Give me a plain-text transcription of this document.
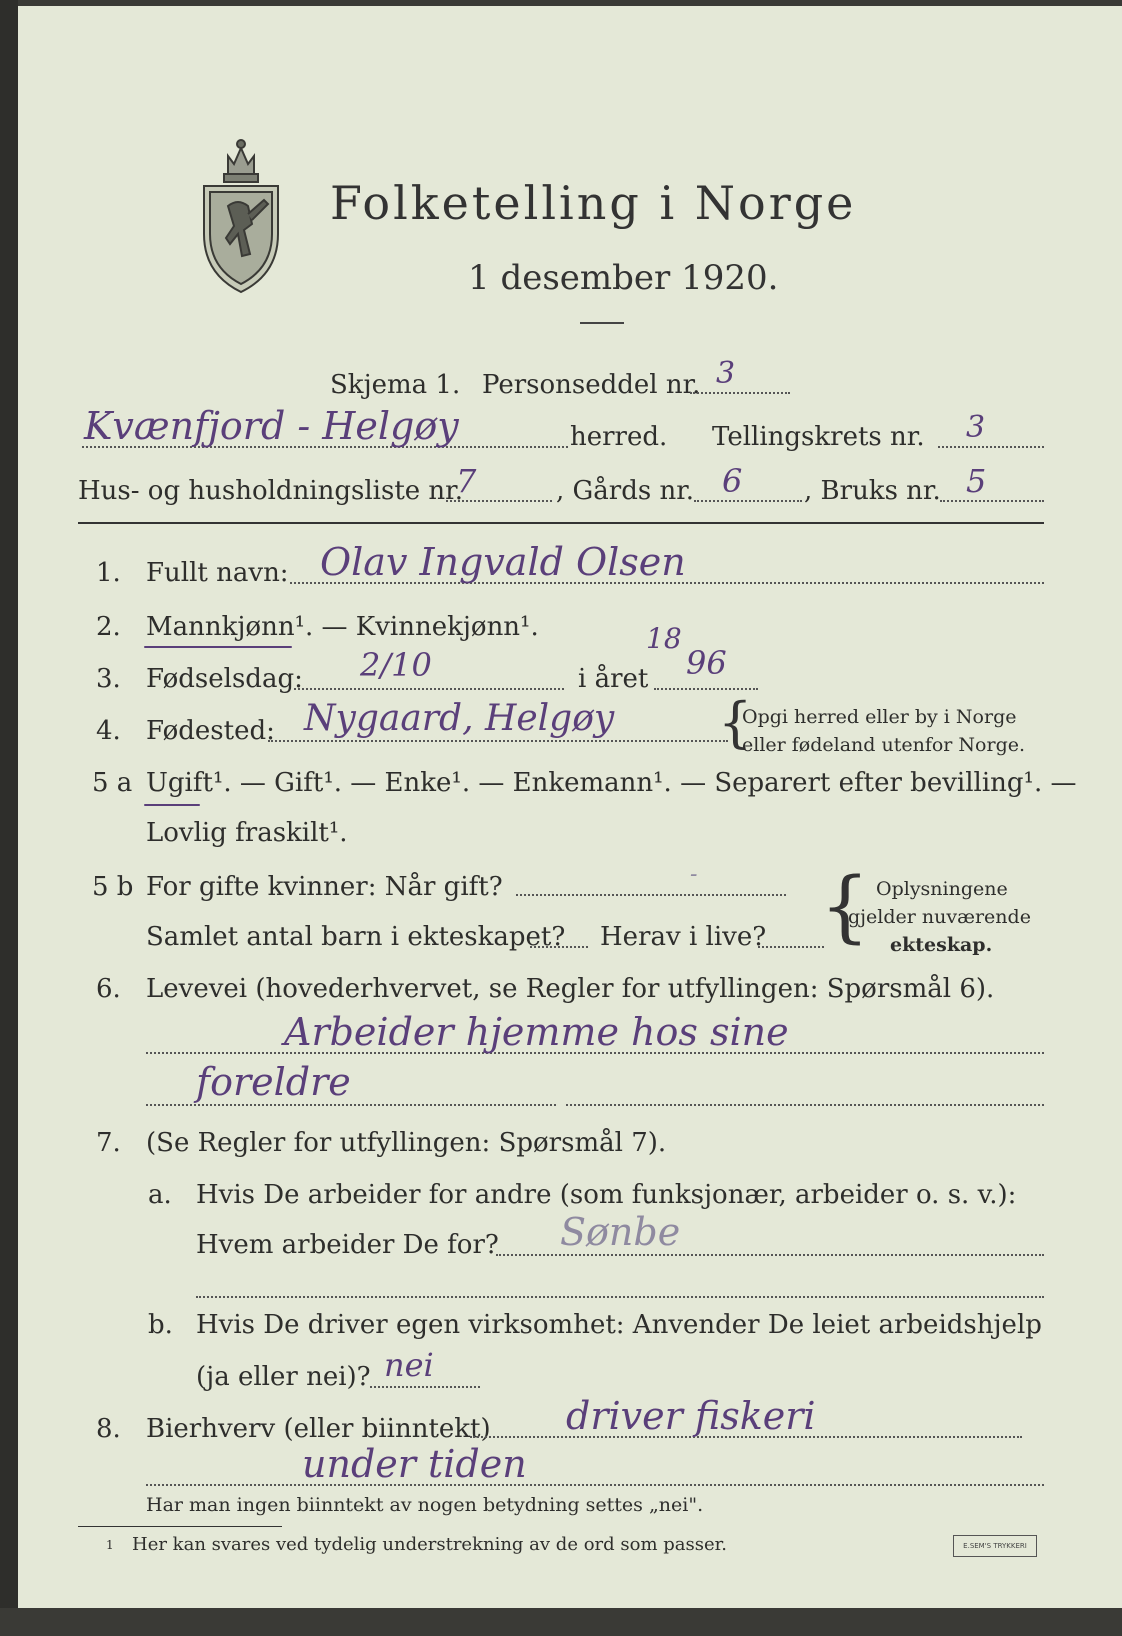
Folketelling i Norge
1 desember 1920.
Skjema 1. Personseddel nr. 3
Kvænfjord - Helgøy	herred. Tellingskrets nr. 3
Hus- og husholdningsliste nr.
7	, Gårds nr. 6 , Bruks nr. 5
1. Fullt navn: Olav Ingvald Olsen
2. Mannkjønn¹. — Kvinnekjønn¹.
3. Fødselsdag: 2/10	i året
18
96
4. Fødested: Nygaard, Helgøy {
Opgi herred eller by i Norge
eller fødeland utenfor Norge.
5 a Ugift¹. — Gift¹. — Enke¹. — Enkemann¹. — Separert efter bevilling¹. —
Lovlig fraskilt¹.
5 b For gifte kvinner: Når gift?	-
Samlet antal barn i ekteskapet? Herav i live? { Oplysningene
gjelder nuværende
ekteskap.
6. Levevei (hovederhvervet, se Regler for utfyllingen: Spørsmål 6).
Arbeider hjemme hos sine
foreldre
7. (Se Regler for utfyllingen: Spørsmål 7).
a. Hvis De arbeider for andre (som funksjonær, arbeider o. s. v.):
Hvem arbeider De for? Sønbe
b. Hvis De driver egen virksomhet: Anvender De leiet arbeidshjelp
(ja eller nei)? nei
8. Bierhverv (eller biinntekt) driver fiskeri
under tiden
Har man ingen biinntekt av nogen betydning settes „nei".
1 Her kan svares ved tydelig understrekning av de ord som passer.	E.SEM'S TRYKKERI
